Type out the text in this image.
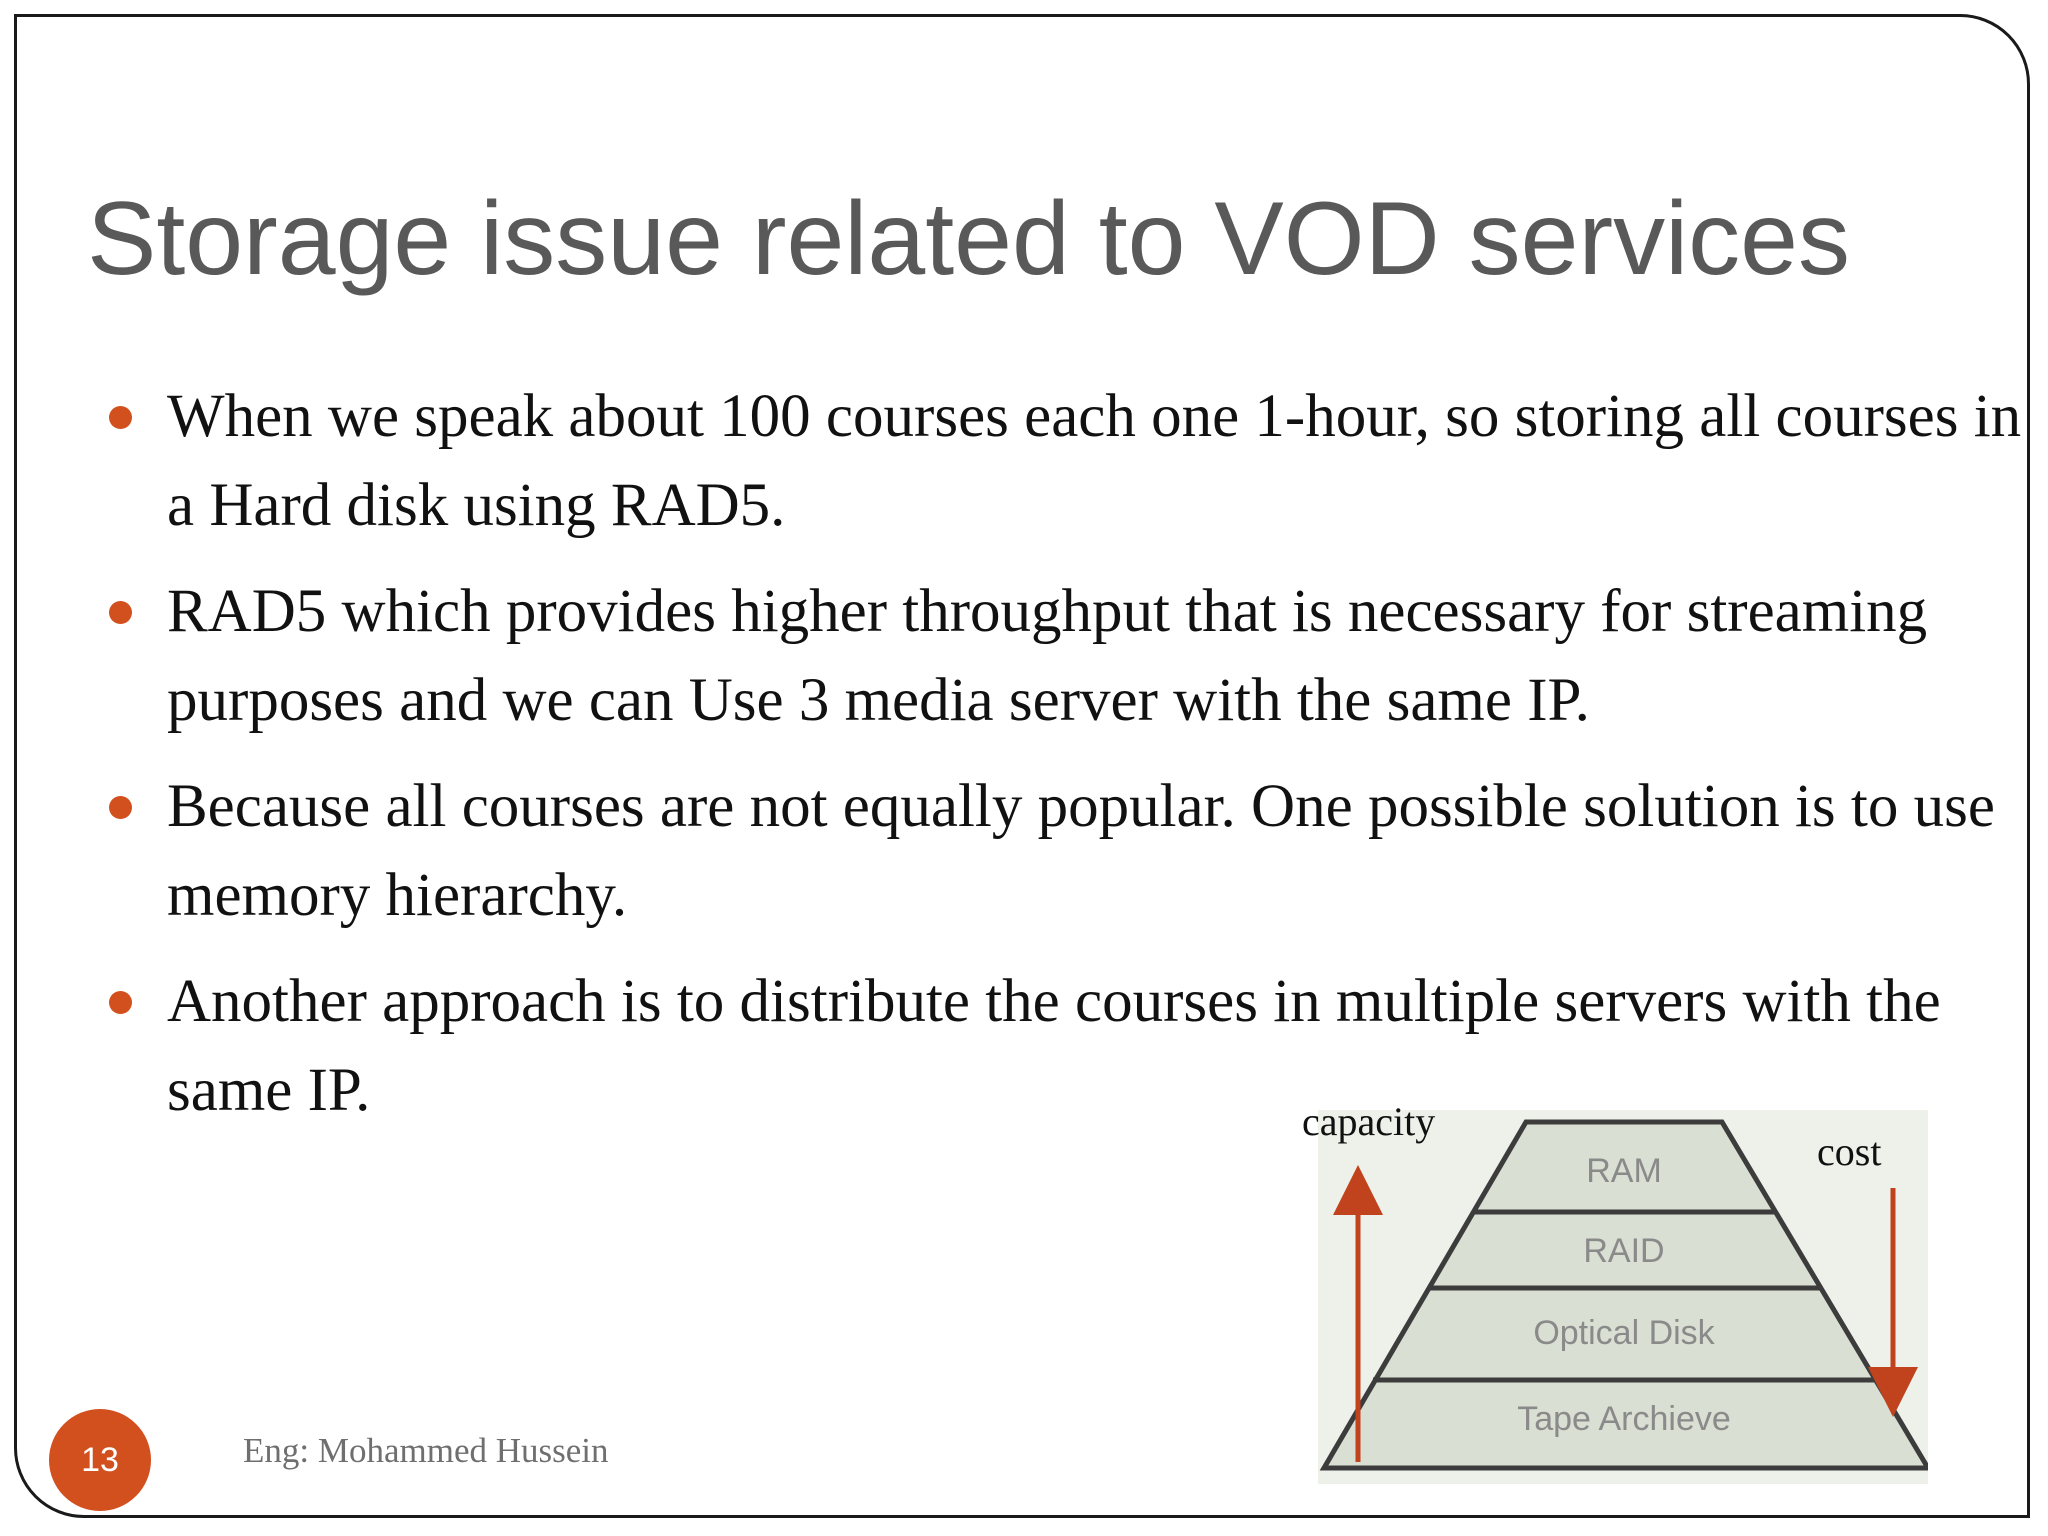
Storage issue related to VOD services
When we speak about 100 courses each one 1-hour, so storing all courses in a Hard disk using RAD5.
RAD5 which provides higher throughput that is necessary for streaming purposes and we can Use 3 media server with the same IP.
Because all courses are not equally popular. One possible solution is to use memory hierarchy.
Another approach is to distribute the courses in multiple servers with the same IP.
RAM
RAID
Optical Disk
Tape Archieve
capacity
cost
13	Eng: Mohammed Hussein
